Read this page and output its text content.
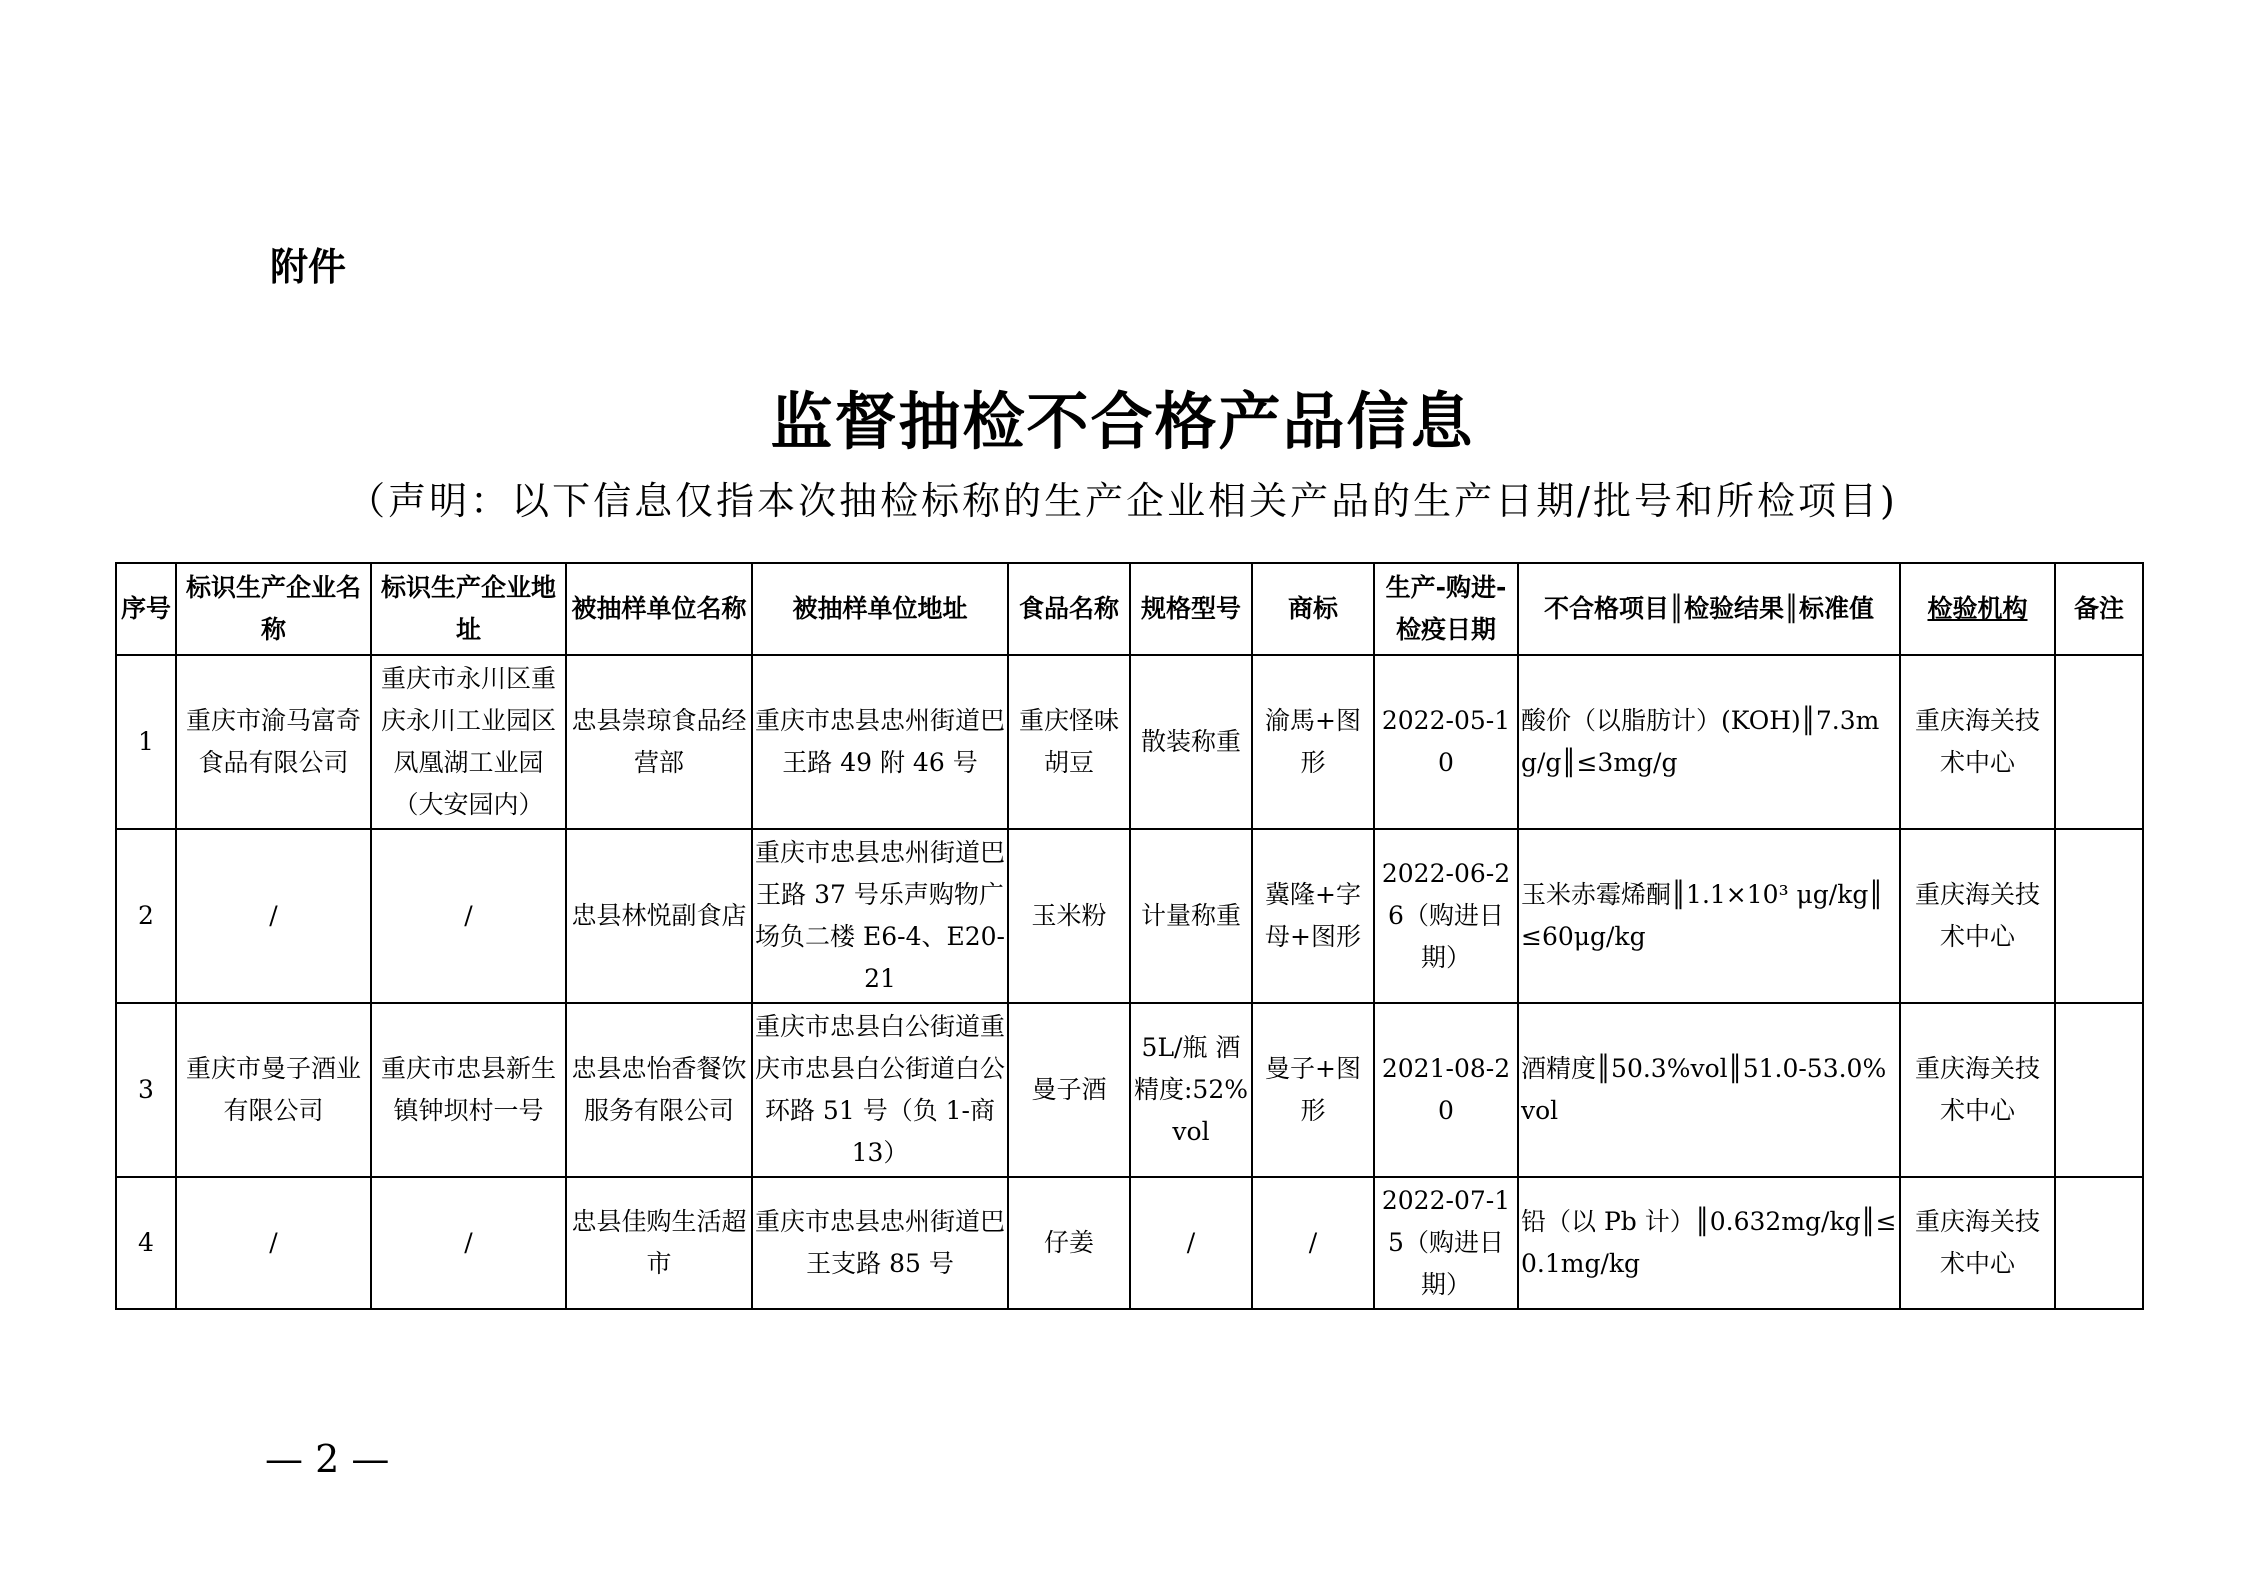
附件
监督抽检不合格产品信息
（声明：以下信息仅指本次抽检标称的生产企业相关产品的生产日期/批号和所检项目)
序号	标识生产企业名称	标识生产企业地址	被抽样单位名称	被抽样单位地址	食品名称	规格型号	商标	生产-购进-检疫日期	不合格项目║检验结果║标准值	检验机构	备注
1	重庆市渝马富奇食品有限公司	重庆市永川区重庆永川工业园区凤凰湖工业园（大安园内）	忠县崇琼食品经营部	重庆市忠县忠州街道巴王路 49 附 46 号	重庆怪味胡豆	散装称重	渝馬+图形	2022-05-10	酸价（以脂肪计）(KOH)║7.3mg/g║≤3mg/g	重庆海关技术中心	
2	/	/	忠县林悦副食店	重庆市忠县忠州街道巴王路 37 号乐声购物广场负二楼 E6-4、E20-21	玉米粉	计量称重	冀隆+字母+图形	2022-06-26（购进日期）	玉米赤霉烯酮║1.1×10³ μg/kg║≤60μg/kg	重庆海关技术中心	
3	重庆市曼子酒业有限公司	重庆市忠县新生镇钟坝村一号	忠县忠怡香餐饮服务有限公司	重庆市忠县白公街道重庆市忠县白公街道白公环路 51 号（负 1-商 13）	曼子酒	5L/瓶 酒精度:52%vol	曼子+图形	2021-08-20	酒精度║50.3%vol║51.0-53.0%vol	重庆海关技术中心	
4	/	/	忠县佳购生活超市	重庆市忠县忠州街道巴王支路 85 号	仔姜	/	/	2022-07-15（购进日期）	铅（以 Pb 计）║0.632mg/kg║≤0.1mg/kg	重庆海关技术中心	
— 2 —
